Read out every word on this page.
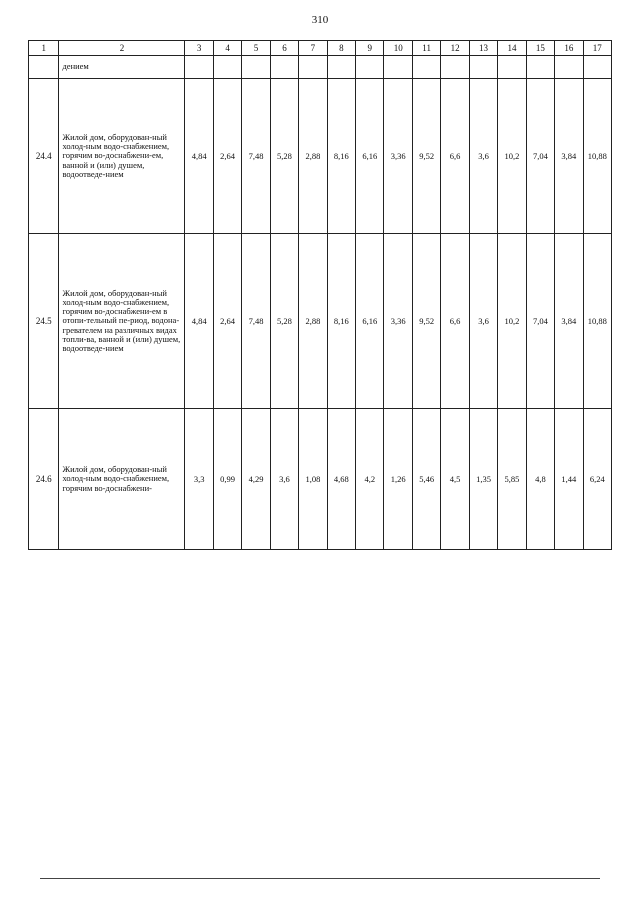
310
1	2	3	4	5	6	7	8	9	10	11	12	13	14	15	16	17
	дением															
24.4	Жилой дом, оборудован-ный холод-ным водо-снабжением, горячим во-доснабжени-ем, ванной и (или) душем, водоотведе-нием	4,84	2,64	7,48	5,28	2,88	8,16	6,16	3,36	9,52	6,6	3,6	10,2	7,04	3,84	10,88
24.5	Жилой дом, оборудован-ный холод-ным водо-снабжением, горячим во-доснабжени-ем в отопи-тельный пе-риод, водона-гревателем на различных видах топли-ва, ванной и (или) душем, водоотведе-нием	4,84	2,64	7,48	5,28	2,88	8,16	6,16	3,36	9,52	6,6	3,6	10,2	7,04	3,84	10,88
24.6	Жилой дом, оборудован-ный холод-ным водо-снабжением, горячим во-доснабжени-	3,3	0,99	4,29	3,6	1,08	4,68	4,2	1,26	5,46	4,5	1,35	5,85	4,8	1,44	6,24
